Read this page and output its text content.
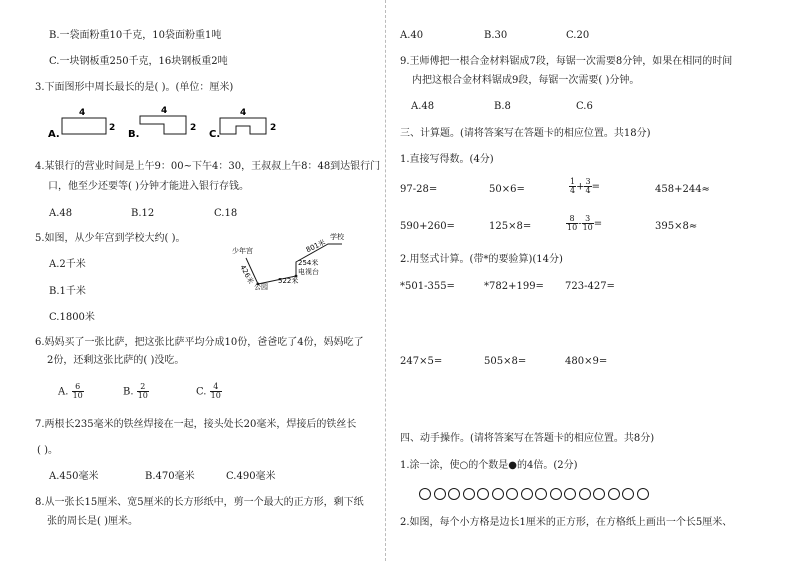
B.一袋面粉重10千克，10袋面粉重1吨
C.一块钢板重250千克，16块钢板重2吨
3.下面图形中周长最长的是( )。(单位：厘米)
A.
4
2
B.
4
2
C.
4
2
4.某银行的营业时间是上午9：00~下午4：30，王叔叔上午8：48到达银行门
口，他至少还要等( )分钟才能进入银行存钱。
A.48	B.12	C.18
5.如图，从少年宫到学校大约( )。
A.2千米
B.1千米
C.1800米
少年宫
426米
公园
522米
254米
电视台
801米
学校
6.妈妈买了一张比萨，把这张比萨平均分成10份，爸爸吃了4份，妈妈吃了
2份，还剩这张比萨的( )没吃。
A. $\frac{6}{10}$	B. $\frac{2}{10}$	C. $\frac{4}{10}$
7.两根长235毫米的铁丝焊接在一起，接头处长20毫米，焊接后的铁丝长
( )。
A.450毫米	B.470毫米	C.490毫米
8.从一张长15厘米、宽5厘米的长方形纸中，剪一个最大的正方形，剩下纸
张的周长是( )厘米。
A.40	B.30	C.20
9.王师傅把一根合金材料锯成7段，每锯一次需要8分钟，如果在相同的时间
内把这根合金材料锯成9段，每锯一次需要( )分钟。
A.48	B.8	C.6
三、计算题。(请将答案写在答题卡的相应位置。共18分)
1.直接写得数。(4分)
97-28=	50×6=	$\frac{1}{4} + \frac{3}{4}$ =	458+244≈
590+260=	125×8=	$\frac{8}{10} - \frac{3}{10}$ =	395×8≈
2.用竖式计算。(带*的要验算)(14分)
*501-355=	*782+199= 723-427=
247×5=	505×8=	480×9=
四、动手操作。(请将答案写在答题卡的相应位置。共8分)
1.涂一涂，使○的个数是●的4倍。(2分)
2.如图，每个小方格是边长1厘米的正方形，在方格纸上画出一个长5厘米、
